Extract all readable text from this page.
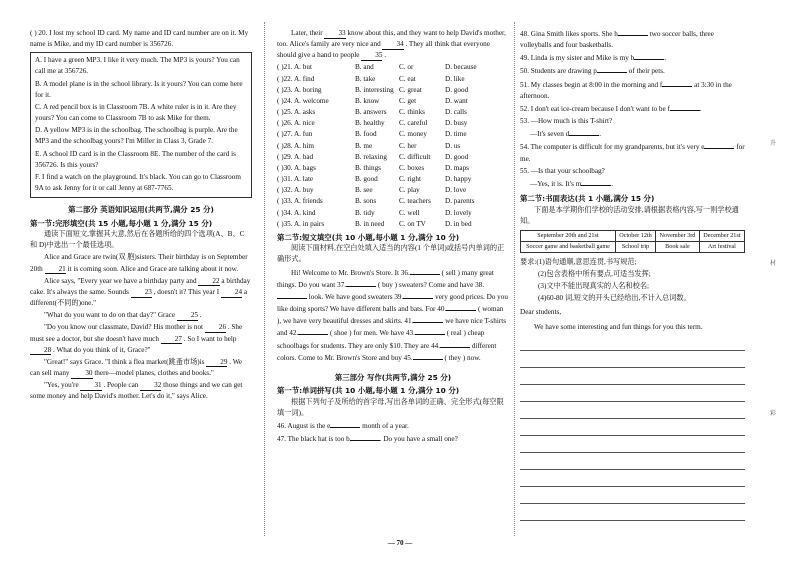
( ) 20. I lost my school ID card. My name and ID card number are on it. My name is Mike, and my ID card number is 356726.
A. I have a green MP3. I like it very much. The MP3 is yours? You can call me at 356726.
B. A model plane is in the school library. Is it yours? You can come here for it.
C. A red pencil box is in Classroom 7B. A white ruler is in it. Are they yours? You can come to Classroom 7B to ask Mike for them.
D. A yellow MP3 is in the schoolbag. The schoolbag is purple. Are the MP3 and the schoolbag yours? I'm Miller in Class 3, Grade 7.
E. A school ID card is in the Classroom 8E. The number of the card is 356726. Is this yours?
F. I find a watch on the playground. It's black. You can go to Classroom 9A to ask Jenny for it or call Jenny at 687-7765.
第二部分 英语知识运用(共两节,满分 25 分)
第一节:完形填空(共 15 小题,每小题 1 分,满分 15 分)
通读下面短文,掌握其大意,然后在各题所给的四个选项(A、B、C 和 D)中选出一个最佳选项。
Alice and Grace are twin(双 胞)sisters. Their birthday is on September 20th 21 it is coming soon. Alice and Grace are talking about it now.
Alice says, "Every year we have a birthday party and 22 a birthday cake. It's always the same. Sounds 23 , doesn't it? This year I 24 a different(不同的)one."
"What do you want to do on that day?" Grace 25 .
"Do you know our classmate, David? His mother is not 26 . She must see a doctor, but she doesn't have much 27 . So I want to help 28 . What do you think of it, Grace?"
"Great!" says Grace. "I think a flea market(跳蚤市场)is 29 . We can sell many 30 there—model planes, clothes and books."
"Yes, you're 31 . People can 32 those things and we can get some money and help David's mother. Let's do it," says Alice.
Later, their 33 know about this, and they want to help David's mother, too. Alice's family are very nice and 34 . They all think that everyone should give a hand to people 35 .
( )21. A. but	B. and	C. or	D. because
( )22. A. find	B. take	C. eat	D. like
( )23. A. boring	B. interesting C. great	D. good
( )24. A. welcome	B. know	C. get	D. want
( )25. A. asks	B. answers	C. thinks	D. calls
( )26. A. nice	B. healthy	C. careful	D. busy
( )27. A. fun	B. food	C. money	D. time
( )28. A. him	B. me	C. her	D. us
( )29. A. bad	B. relaxing	C. difficult	D. good
( )30. A. bags	B. things	C. boxes	D. maps
( )31. A. late	B. good	C. right	D. happy
( )32. A. buy	B. see	C. play	D. love
( )33. A. friends	B. sons	C. teachers	D. parents
( )34. A. kind	B. tidy	C. well	D. lovely
( )35. A. in pairs	B. in need	C. on TV	D. in bed
第二节:短文填空(共 10 小题,每小题 1 分,满分 10 分)
阅读下面材料,在空白处填入适当的内容(1 个单词)或括号内单词的正确形式。
Hi! Welcome to Mr. Brown's Store. It 36.	( sell ) many great things. Do you want 37.	( buy ) sweaters? Come and have 38. look. We have good sweaters 39.	very good prices. Do you like doing sports? We have different balls and bats. For 40.	( woman ), we have very beautiful dresses and skirts. 41.	we have nice T-shirts and 42.	( shoe ) for men. We have 43.	( real ) cheap schoolbags for students. They are only $10. They are 44.	different colors. Come to Mr. Brown's Store and buy 45.	( they ) now.
第三部分 写作(共两节,满分 25 分)
第一节:单词拼写(共 10 小题,每小题 1 分,满分 10 分)
根据下列句子及所给的首字母,写出各单词的正确、完全形式(每空限填一词)。
46. August is the e	month of a year.
47. The black hat is too b	. Do you have a small one?
48. Gina Smith likes sports. She h	two soccer balls, three volleyballs and four basketballs.
49. Linda is my sister and Mike is my b	.
50. Students are drawing p	of their pets.
51. My classes begin at 8:00 in the morning and f	at 3:30 in the afternoon.
52. I don't eat ice-cream because I don't want to be f	.
53. —How much is this T-shirt?
—It's seven d	.
54. The computer is difficult for my grandparents, but it's very e	for me.
55. —Is that your schoolbag?
—Yes, it is. It's m	.
第二节:书面表达(共 1 小题,满分 15 分)
下面是本学期你们学校的活动安排,请根据表格内容,写一则学校通知。
September 20th and 21st	October 12th	November 3rd	December 21st
Soccer game and basketball game	School trip	Book sale	Art festival
要求:(1)语句通顺,意思连贯,书写规范;
(2)包含表格中所有要点,可适当发挥;
(3)文中不能出现真实的人名和校名;
(4)60-80 词,短文的开头已经给出,不计入总词数。
Dear students,
We have some interesting and fun things for you this term.
升
村
彩
— 70 —
